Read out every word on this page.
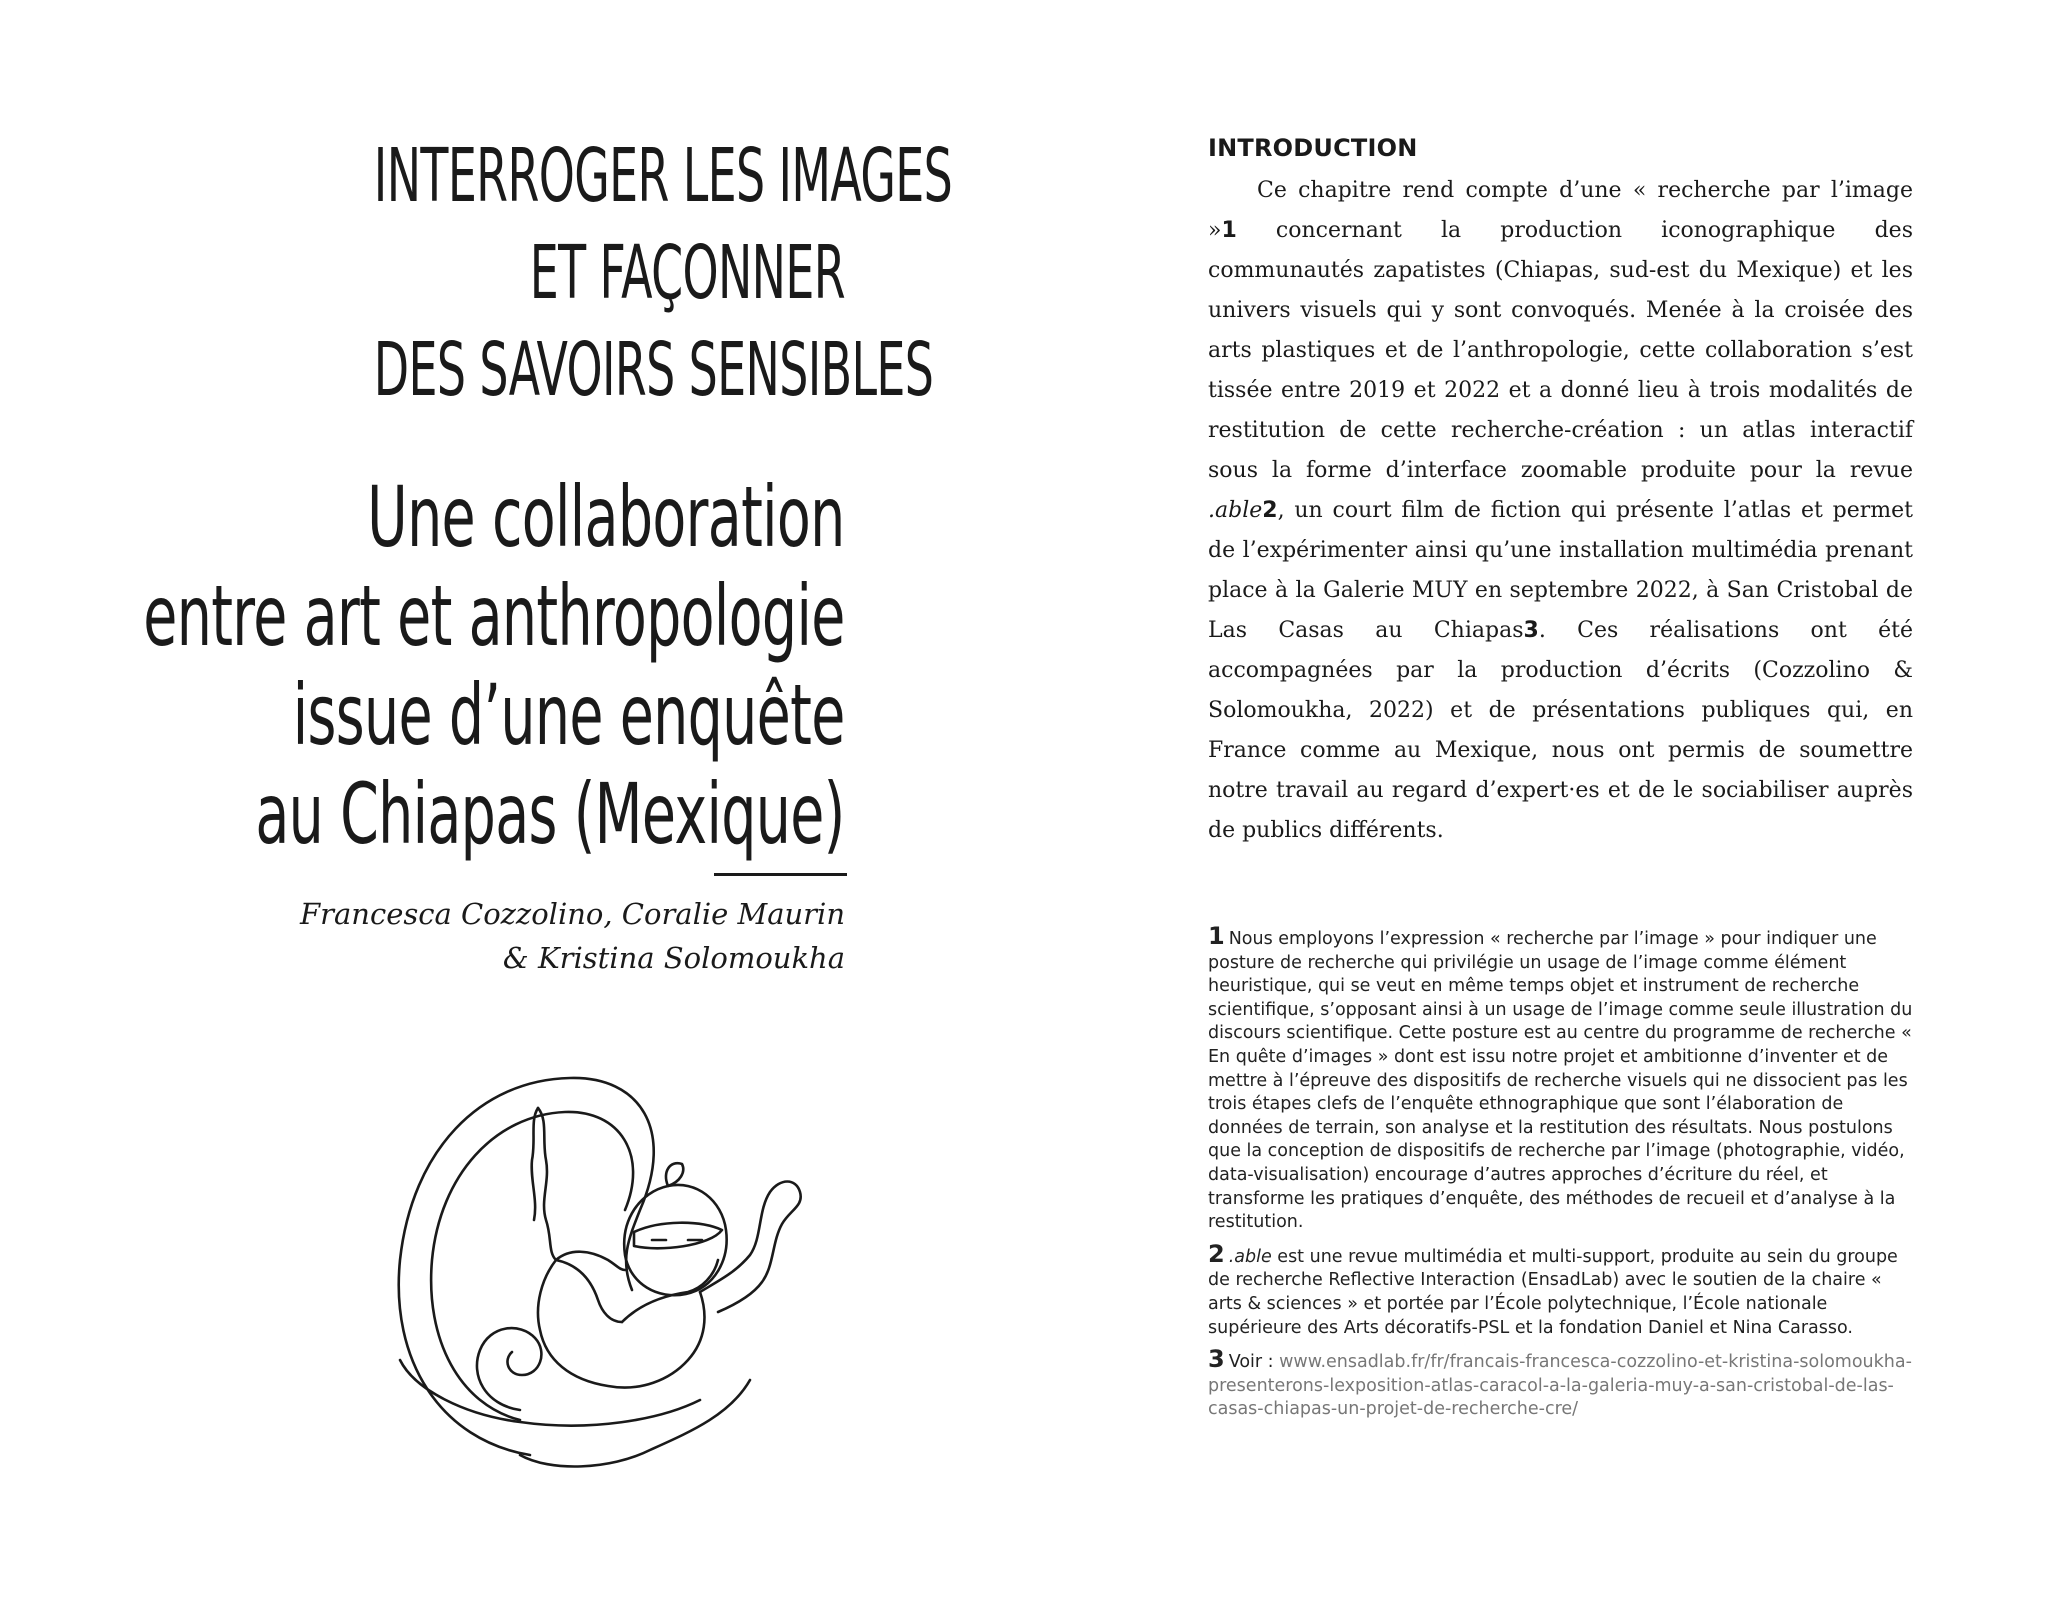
INTERROGER LES IMAGES
ET FAÇONNER
DES SAVOIRS SENSIBLES
Une collaboration
entre art et anthropologie
issue d’une enquête
au Chiapas (Mexique)
Francesca Cozzolino, Coralie Maurin
& Kristina Solomoukha
INTRODUCTION

Ce chapitre rend compte d’une « recherche par l’image »1 concernant la production iconographique des communautés zapatistes (Chiapas, sud-est du Mexique) et les univers visuels qui y sont convoqués. Menée à la croisée des arts plastiques et de l’anthropologie, cette collaboration s’est tissée entre 2019 et 2022 et a donné lieu à trois modalités de restitution de cette recherche-création : un atlas interactif sous la forme d’interface zoomable produite pour la revue .able2, un court film de fiction qui présente l’atlas et permet de l’expérimenter ainsi qu’une installation multimédia prenant place à la Galerie MUY en septembre 2022, à San Cristobal de Las Casas au Chiapas3. Ces réalisations ont été accompagnées par la production d’écrits (Cozzolino & Solomoukha, 2022) et de présentations publiques qui, en France comme au Mexique, nous ont permis de soumettre notre travail au regard d’expert·es et de le sociabiliser auprès de publics différents.

1 Nous employons l’expression « recherche par l’image » pour indiquer une posture de recherche qui privilégie un usage de l’image comme élément heuristique, qui se veut en même temps objet et instrument de recherche scientifique, s’opposant ainsi à un usage de l’image comme seule illustration du discours scientifique. Cette posture est au centre du programme de recherche « En quête d’images » dont est issu notre projet et ambitionne d’inventer et de mettre à l’épreuve des dispositifs de recherche visuels qui ne dissocient pas les trois étapes clefs de l’enquête ethnographique que sont l’élaboration de données de terrain, son analyse et la restitution des résultats. Nous postulons que la conception de dispositifs de recherche par l’image (photographie, vidéo, data-visualisation) encourage d’autres approches d’écriture du réel, et transforme les pratiques d’enquête, des méthodes de recueil et d’analyse à la restitution.

2 .able est une revue multimédia et multi-support, produite au sein du groupe de recherche Reflective Interaction (EnsadLab) avec le soutien de la chaire « arts & sciences » et portée par l’École polytechnique, l’École nationale supérieure des Arts décoratifs-PSL et la fondation Daniel et Nina Carasso.

3 Voir : www.ensadlab.fr/fr/francais-francesca-cozzolino-et-kristina-solomoukha-presenterons-lexposition-atlas-caracol-a-la-galeria-muy-a-san-cristobal-de-las-casas-chiapas-un-projet-de-recherche-cre/
